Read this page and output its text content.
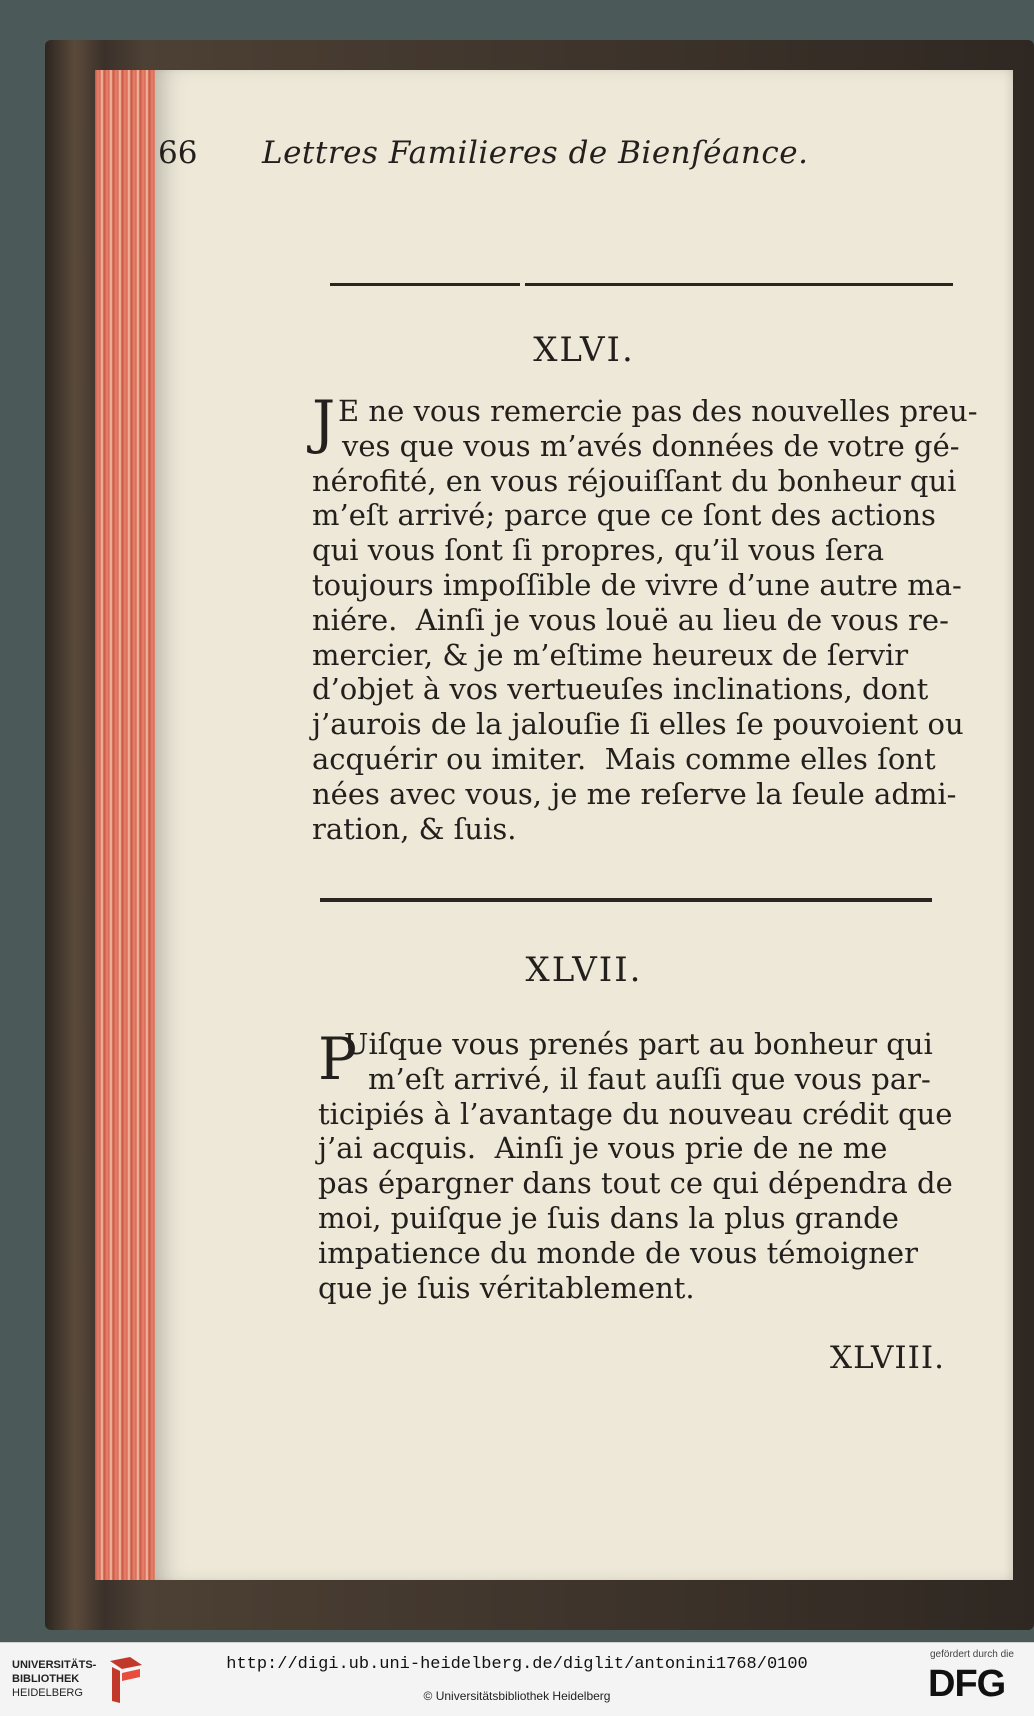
66 Lettres Familieres de Bienſéance.
XLVI.
J E ne vous remercie pas des nouvelles preu-
ves que vous m’avés données de votre gé-
nérofité, en vous réjouiſſant du bonheur qui
m’eſt arrivé; parce que ce ſont des actions
qui vous ſont ſi propres, qu’il vous ſera
toujours impoſſible de vivre d’une autre ma-
niére.  Ainſi je vous louë au lieu de vous re-
mercier, & je m’eſtime heureux de ſervir
d’objet à vos vertueuſes inclinations, dont
j’aurois de la jalouſie ſi elles ſe pouvoient ou
acquérir ou imiter.  Mais comme elles ſont
nées avec vous, je me reſerve la ſeule admi-
ration, & ſuis.
XLVII.
P
Uiſque vous prenés part au bonheur qui
m’eſt arrivé, il faut auſſi que vous par-
ticipiés à l’avantage du nouveau crédit que
j’ai acquis.  Ainſi je vous prie de ne me
pas épargner dans tout ce qui dépendra de
moi, puiſque je ſuis dans la plus grande
impatience du monde de vous témoigner
que je ſuis véritablement.
XLVIII.
UNIVERSITÄTS-
BIBLIOTHEK
HEIDELBERG
http://digi.ub.uni-heidelberg.de/diglit/antonini1768/0100
© Universitätsbibliothek Heidelberg
gefördert durch die
DFG
